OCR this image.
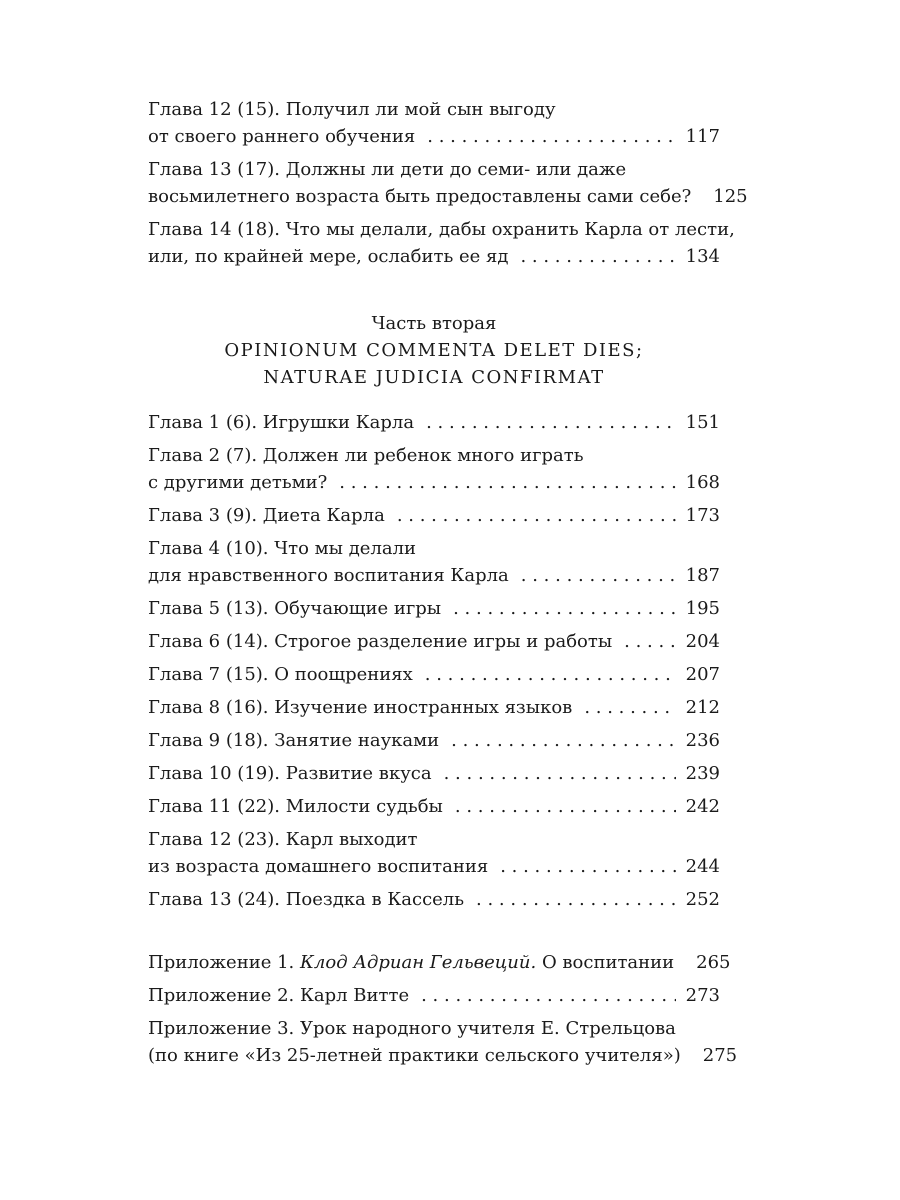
Глава 12 (15). Получил ли мой сын выгоду
от своего раннего обучения . . .	117
Глава 13 (17). Должны ли дети до семи- или даже
восьмилетнего возраста быть предоставлены сами себе? 125
Глава 14 (18). Что мы делали, дабы охранить Карла от лести,
или, по крайней мере, ослабить ее яд . . .	134
Часть вторая
OPINIONUM COMMENTA DELET DIES;
NATURAE JUDICIA CONFIRMAT
Глава 1 (6). Игрушки Карла . . .	151
Глава 2 (7). Должен ли ребенок много играть
с другими детьми? . . .	168
Глава 3 (9). Диета Карла . . .	173
Глава 4 (10). Что мы делали
для нравственного воспитания Карла . . .	187
Глава 5 (13). Обучающие игры . . .	195
Глава 6 (14). Строгое разделение игры и работы . . .	204
Глава 7 (15). О поощрениях . . .	207
Глава 8 (16). Изучение иностранных языков . . .	212
Глава 9 (18). Занятие науками . . .	236
Глава 10 (19). Развитие вкуса . . .	239
Глава 11 (22). Милости судьбы . . .	242
Глава 12 (23). Карл выходит
из возраста домашнего воспитания . . .	244
Глава 13 (24). Поездка в Кассель . . .	252
Приложение 1. Клод Адриан Гельвеций. О воспитании 265
Приложение 2. Карл Витте . . .	273
Приложение 3. Урок народного учителя Е. Стрельцова
(по книге «Из 25-летней практики сельского учителя») 275
